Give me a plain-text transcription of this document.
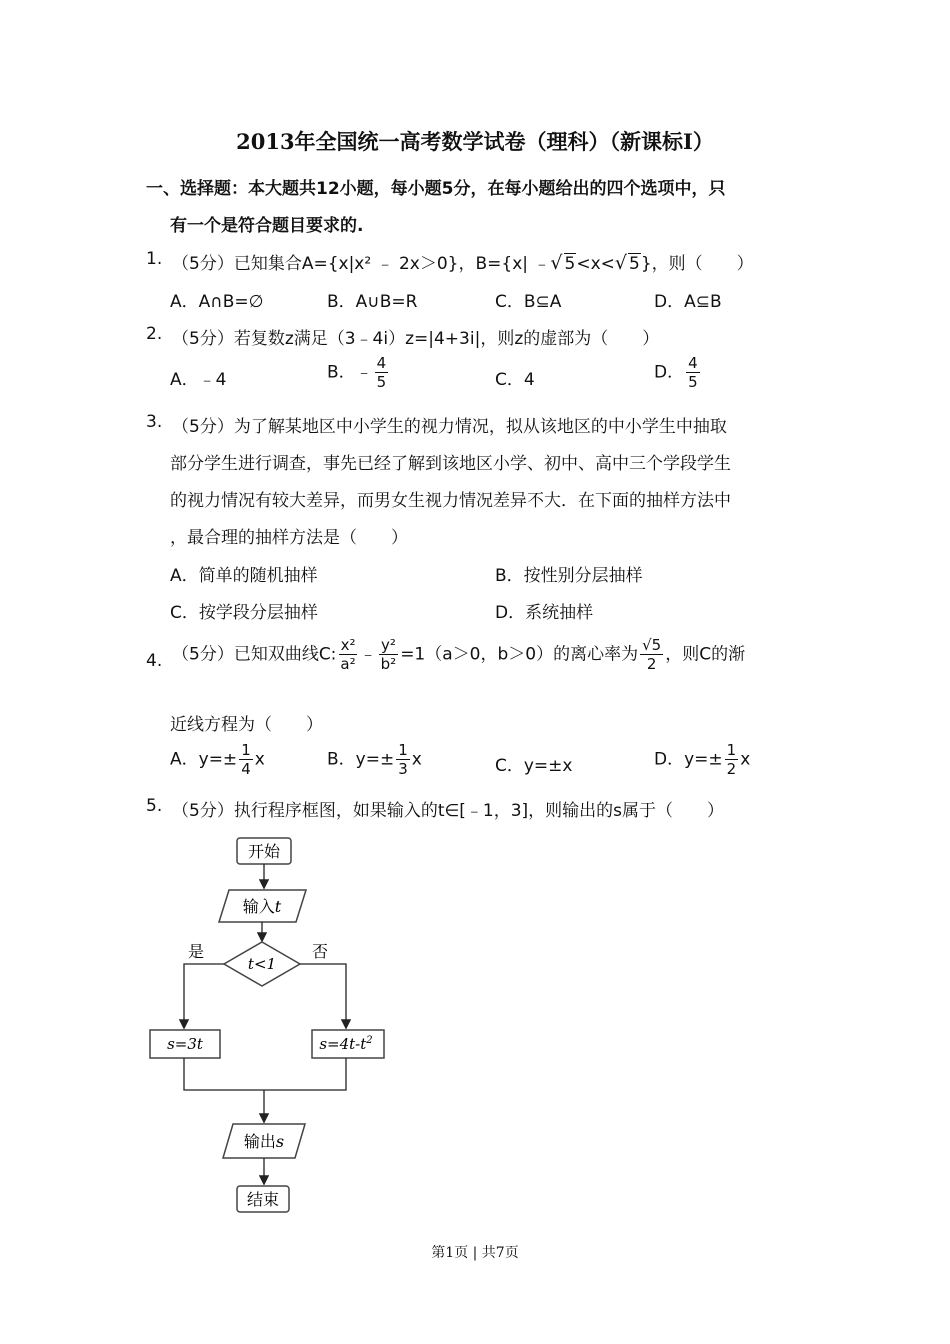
2013年全国统一高考数学试卷（理科）（新课标Ⅰ）
一、选择题：本大题共12小题，每小题5分，在每小题给出的四个选项中，只
有一个是符合题目要求的.
1. （5分）已知集合A={x|x² ﹣ 2x＞0}，B={x| ﹣√ 5<x<√ 5}，则（　　）
A．A∩B=∅	B．A∪B=R	C．B⊆A	D．A⊆B
2. （5分）若复数z满足（3﹣4i）z=|4+3i|，则z的虚部为（　　）
A．﹣4	B．﹣ $\frac{4}{5}$	C．4	D． $\frac{4}{5}$
3. （5分）为了解某地区中小学生的视力情况，拟从该地区的中小学生中抽取
部分学生进行调查，事先已经了解到该地区小学、初中、高中三个学段学生
的视力情况有较大差异，而男女生视力情况差异不大．在下面的抽样方法中
，最合理的抽样方法是（　　）
A．简单的随机抽样	B．按性别分层抽样
C．按学段分层抽样	D．系统抽样
4. （5分）已知双曲线C: $\frac{\text{x²}}{\text{a²}}$ ﹣ $\frac{\text{y²}}{\text{b²}} =1(a>0$，b＞0）的离心率为 $\frac{√5}{2}$ ，则C的渐
近线方程为（　　）
A．$y=\pm \frac{1}{4}$ x	B．$y=\pm \frac{1}{3}$ x	C．y=±x	D．$y=\pm \frac{1}{2}$ x
5. （5分）执行程序框图，如果输入的t∈[﹣1，3]，则输出的s属于（　　）
开始
输入t
t<1
是	否
s=3t	$s=4t-t^2$
输出s
结束
第1页 | 共7页
